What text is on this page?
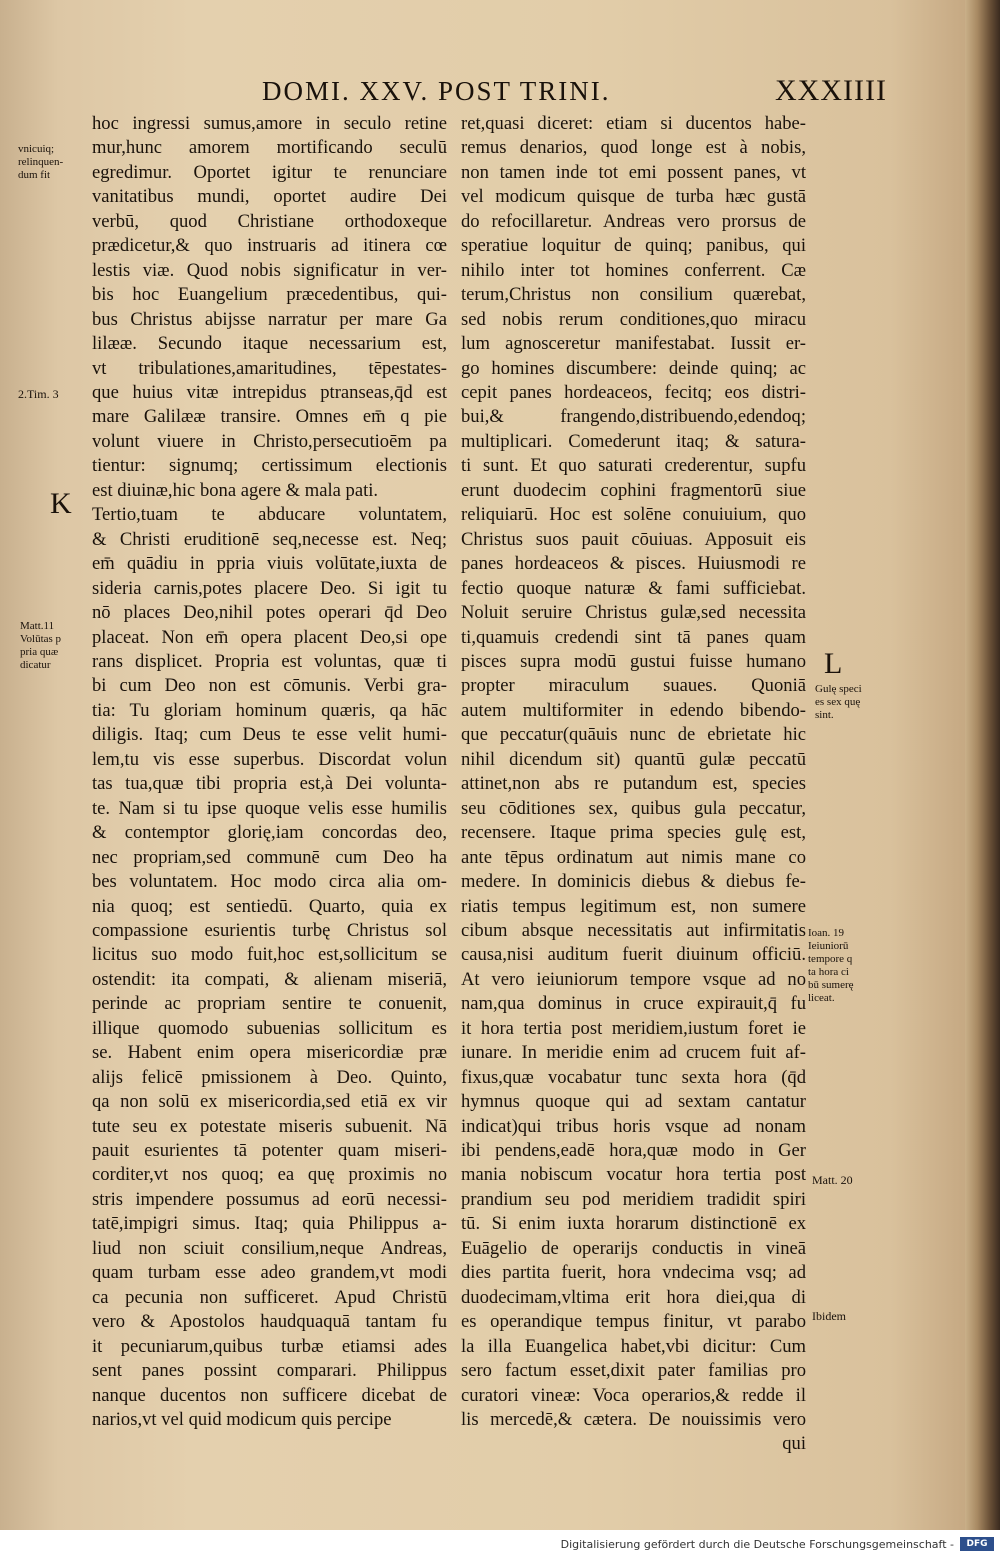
DOMI. XXV. POST TRINI.	XXXIIII
vnicuiq;
relinquen-
dum fit
2.Tim. 3
K
Matt.11
Volūtas p
pria quæ
dicatur	L
Gulę speci
es sex quę
sint.
Ioan. 19
Ieiuniorū
tempore q
ta hora ci
bū sumerę
liceat.
Matt. 20
Ibidem
hoc ingressi sumus,amore in seculo retine
mur,hunc amorem mortificando seculū
egredimur. Oportet igitur te renunciare
vanitatibus mundi, oportet audire Dei
verbū, quod Christiane orthodoxeque
prædicetur,& quo instruaris ad itinera cœ
lestis viæ. Quod nobis significatur in ver-
bis hoc Euangelium præcedentibus, qui-
bus Christus abijsse narratur per mare Ga
lilææ. Secundo itaque necessarium est,
vt tribulationes,amaritudines, tēpestates-
que huius vitæ intrepidus ptranseas,q̄d est
mare Galilææ transire. Omnes em̄ q pie
volunt viuere in Christo,persecutioēm pa
tientur: signumq; certissimum electionis
est diuinæ,hic bona agere & mala pati.
Tertio,tuam te abducare voluntatem,
& Christi eruditionē seq,necesse est. Neq;
em̄ quādiu in ppria viuis volūtate,iuxta de
sideria carnis,potes placere Deo. Si igit tu
nō places Deo,nihil potes operari q̄d Deo
placeat. Non em̄ opera placent Deo,si ope
rans displicet. Propria est voluntas, quæ ti
bi cum Deo non est cōmunis. Verbi gra-
tia: Tu gloriam hominum quæris, qa hāc
diligis. Itaq; cum Deus te esse velit humi-
lem,tu vis esse superbus. Discordat volun
tas tua,quæ tibi propria est,à Dei volunta-
te. Nam si tu ipse quoque velis esse humilis
& contemptor glorię,iam concordas deo,
nec propriam,sed communē cum Deo ha
bes voluntatem. Hoc modo circa alia om-
nia quoq; est sentiedū. Quarto, quia ex
compassione esurientis turbę Christus sol
licitus suo modo fuit,hoc est,sollicitum se
ostendit: ita compati, & alienam miseriā,
perinde ac propriam sentire te conuenit,
illique quomodo subuenias sollicitum es
se. Habent enim opera misericordiæ præ
alijs felicē pmissionem à Deo. Quinto,
qa non solū ex misericordia,sed etiā ex vir
tute seu ex potestate miseris subuenit. Nā
pauit esurientes tā potenter quam miseri-
corditer,vt nos quoq; ea quę proximis no
stris impendere possumus ad eorū necessi-
tatē,impigri simus. Itaq; quia Philippus a-
liud non sciuit consilium,neque Andreas,
quam turbam esse adeo grandem,vt modi
ca pecunia non sufficeret. Apud Christū
vero & Apostolos haudquaquā tantam fu
it pecuniarum,quibus turbæ etiamsi ades
sent panes possint comparari. Philippus
nanque ducentos non sufficere dicebat de
narios,vt vel quid modicum quis percipe
ret,quasi diceret: etiam si ducentos habe-
remus denarios, quod longe est à nobis,
non tamen inde tot emi possent panes, vt
vel modicum quisque de turba hæc gustā
do refocillaretur. Andreas vero prorsus de
speratiue loquitur de quinq; panibus, qui
nihilo inter tot homines conferrent. Cæ
terum,Christus non consilium quærebat,
sed nobis rerum conditiones,quo miracu
lum agnosceretur manifestabat. Iussit er-
go homines discumbere: deinde quinq; ac
cepit panes hordeaceos, fecitq; eos distri-
bui,& frangendo,distribuendo,edendoq;
multiplicari. Comederunt itaq; & satura-
ti sunt. Et quo saturati crederentur, supfu
erunt duodecim cophini fragmentorū siue
reliquiarū. Hoc est solēne conuiuium, quo
Christus suos pauit cōuiuas. Apposuit eis
panes hordeaceos & pisces. Huiusmodi re
fectio quoque naturæ & fami sufficiebat.
Noluit seruire Christus gulæ,sed necessita
ti,quamuis credendi sint tā panes quam
pisces supra modū gustui fuisse humano
propter miraculum suaues. Quoniā
autem multiformiter in edendo bibendo-
que peccatur(quāuis nunc de ebrietate hic
nihil dicendum sit) quantū gulæ peccatū
attinet,non abs re putandum est, species
seu cōditiones sex, quibus gula peccatur,
recensere. Itaque prima species gulę est,
ante tēpus ordinatum aut nimis mane co
medere. In dominicis diebus & diebus fe-
riatis tempus legitimum est, non sumere
cibum absque necessitatis aut infirmitatis
causa,nisi auditum fuerit diuinum officiū.
At vero ieiuniorum tempore vsque ad no
nam,qua dominus in cruce expirauit,q̄ fu
it hora tertia post meridiem,iustum foret ie
iunare. In meridie enim ad crucem fuit af-
fixus,quæ vocabatur tunc sexta hora (q̄d
hymnus quoque qui ad sextam cantatur
indicat)qui tribus horis vsque ad nonam
ibi pendens,eadē hora,quæ modo in Ger
mania nobiscum vocatur hora tertia post
prandium seu pod meridiem tradidit spiri
tū. Si enim iuxta horarum distinctionē ex
Euāgelio de operarijs conductis in vineā
dies partita fuerit, hora vndecima vsq; ad
duodecimam,vltima erit hora diei,qua di
es operandique tempus finitur, vt parabo
la illa Euangelica habet,vbi dicitur: Cum
sero factum esset,dixit pater familias pro
curatori vineæ: Voca operarios,& redde il
lis mercedē,& cætera. De nouissimis vero
qui
Digitalisierung gefördert durch die Deutsche Forschungsgemeinschaft -	DFG
